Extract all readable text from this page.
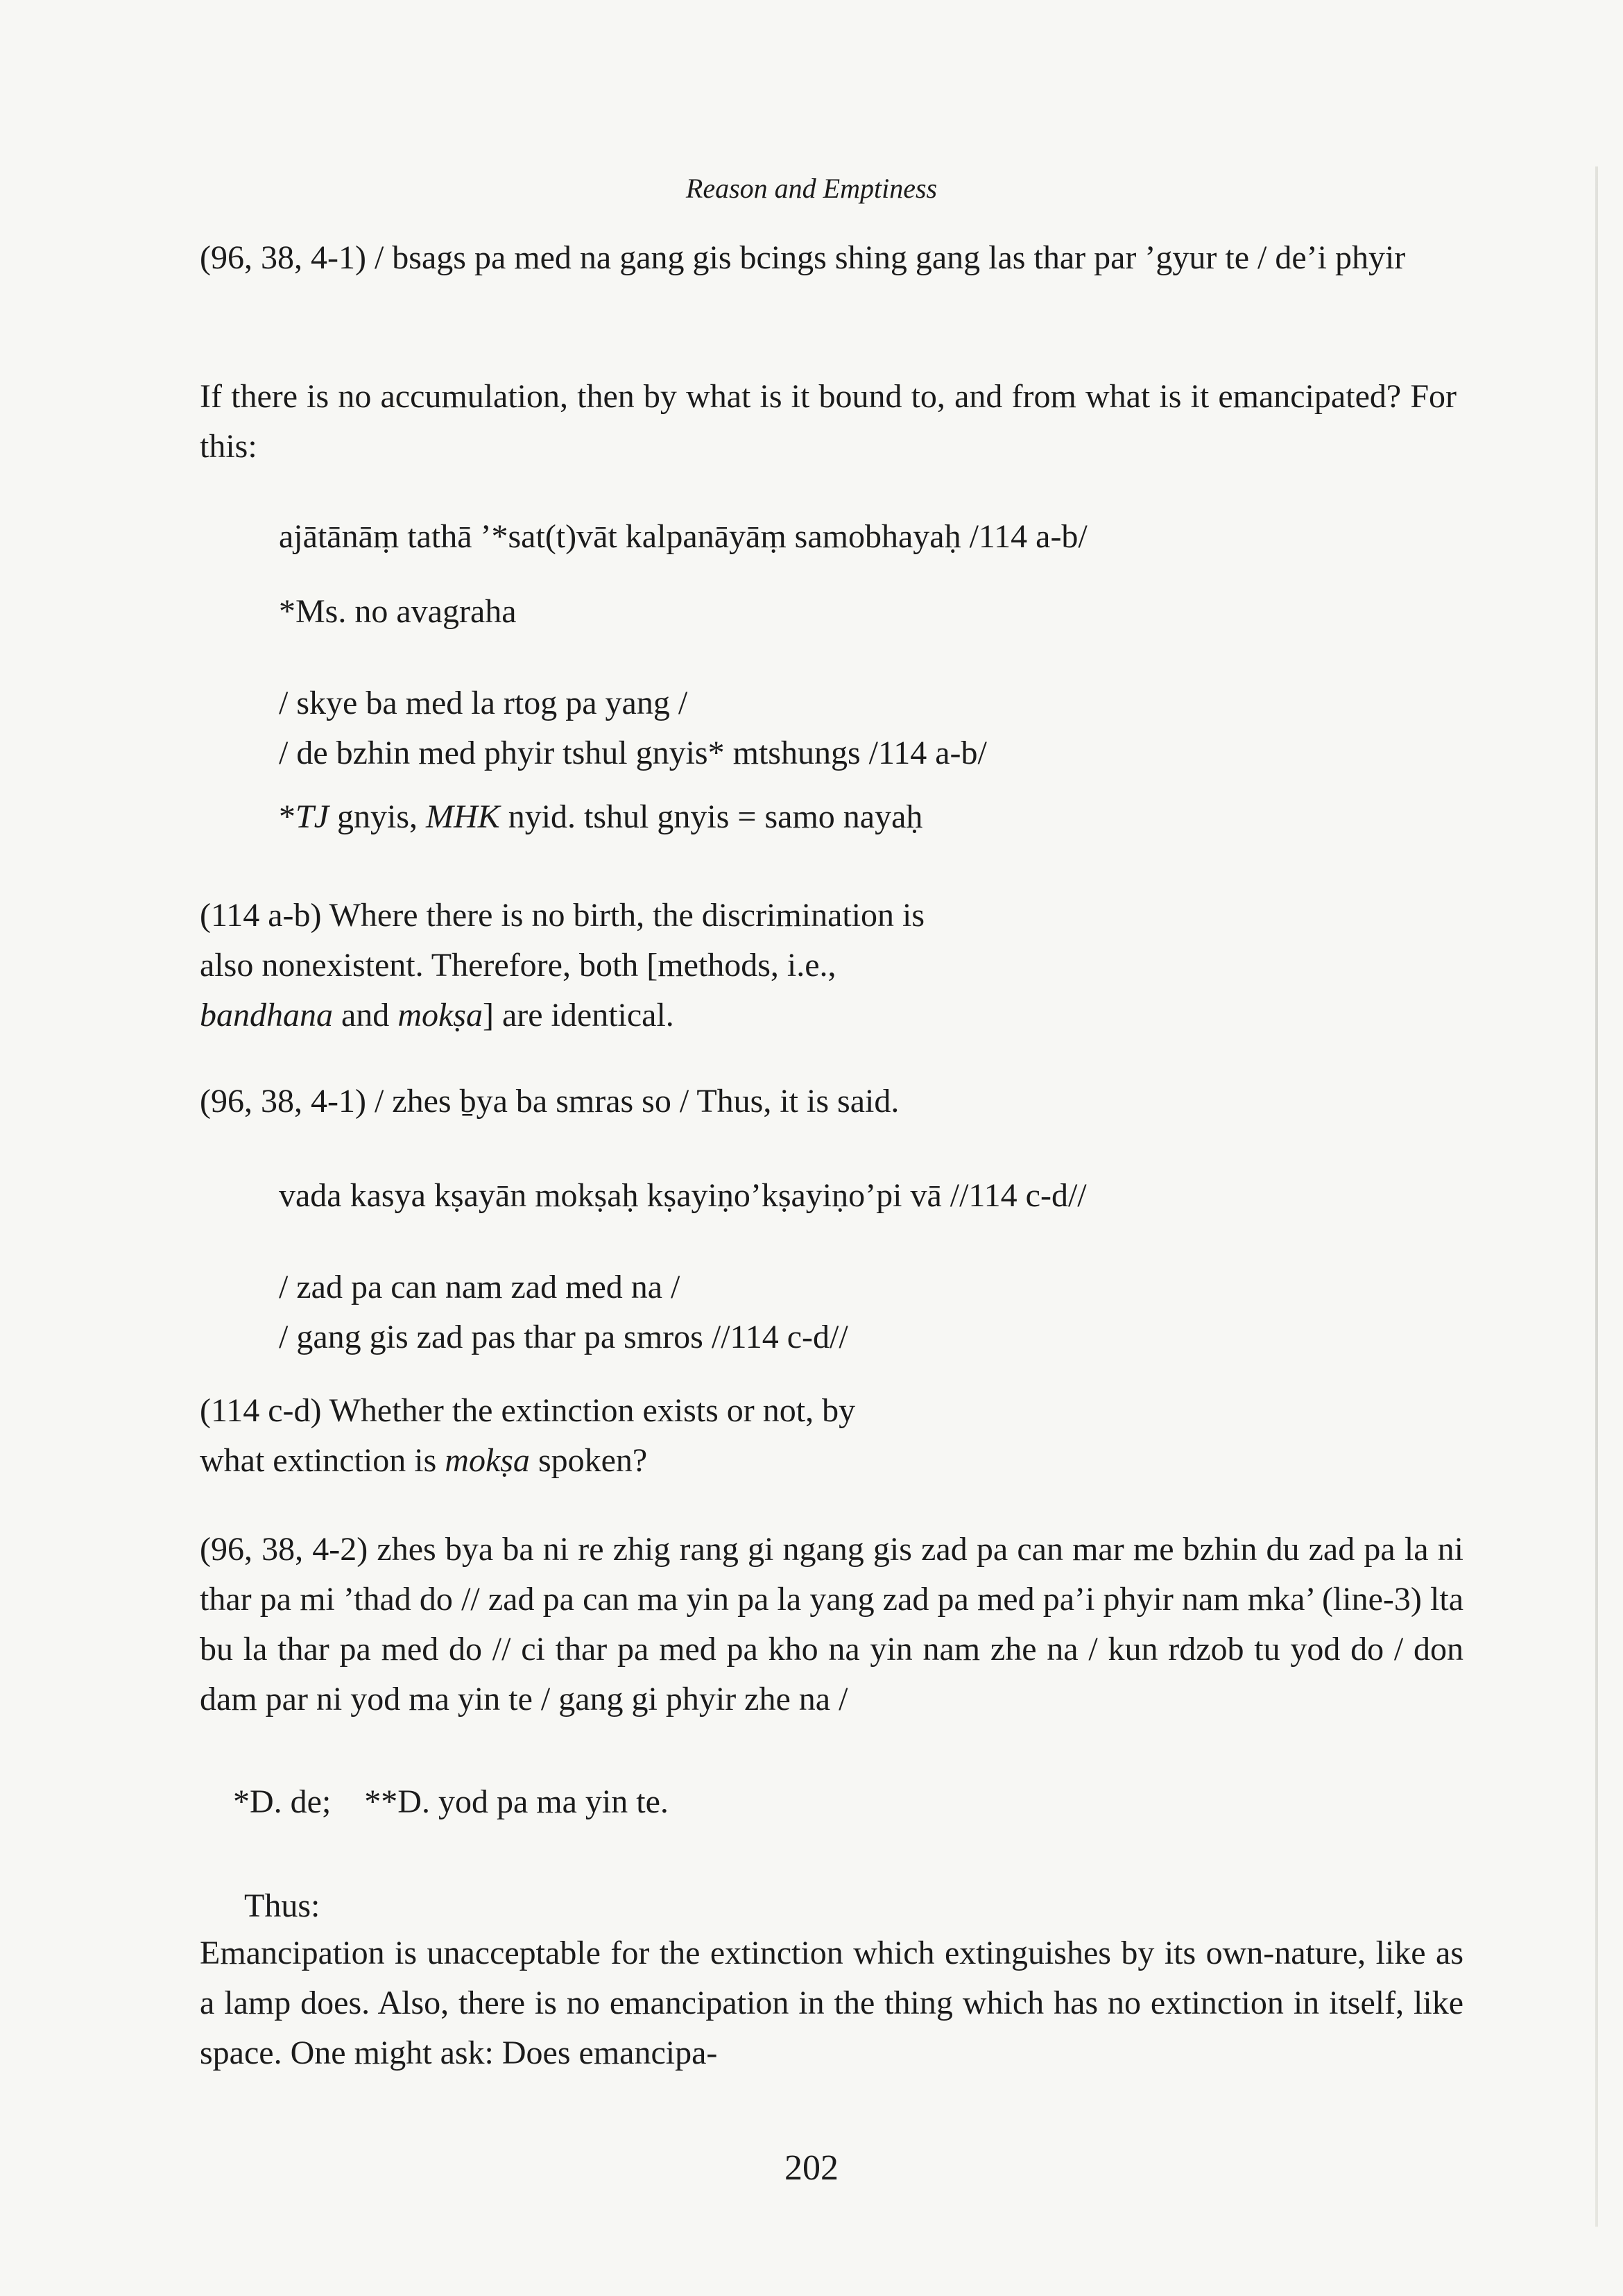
Reason and Emptiness

(96, 38, 4-1) / bsags pa med na gang gis bcings shing gang las thar par ’gyur te / de’i phyir

If there is no accumulation, then by what is it bound to, and from what is it emancipated? For this:

ajātānāṃ tathā ’*sat(t)vāt kalpanāyāṃ samobhayaḥ /114 a-b/

*Ms. no avagraha

/ skye ba med la rtog pa yang /
/ de bzhin med phyir tshul gnyis* mtshungs /114 a-b/

*TJ gnyis, MHK nyid. tshul gnyis = samo nayaḥ

(114 a-b) Where there is no birth, the discrimination is
also nonexistent. Therefore, both [methods, i.e.,
bandhana and mokṣa] are identical.

(96, 38, 4-1) / zhes ḇya ba smras so / Thus, it is said.

vada kasya kṣayān mokṣaḥ kṣayiṇo’kṣayiṇo’pi vā //114 c-d//

/ zad pa can nam zad med na /
/ gang gis zad pas thar pa smros //114 c-d//
(114 c-d) Whether the extinction exists or not, by
what extinction is mokṣa spoken?

(96, 38, 4-2) zhes bya ba ni re zhig rang gi ngang gis zad pa can mar me bzhin du zad pa la ni thar pa mi ’thad do // zad pa can ma yin pa la yang zad pa med pa’i phyir nam mka’ (line-3) lta bu la thar pa med do // ci thar pa med pa kho na yin nam zhe na / kun rdzob tu yod do / don dam par ni yod ma yin te / gang gi phyir zhe na /

*D. de;    **D. yod pa ma yin te.

Thus:

Emancipation is unacceptable for the extinction which extinguishes by its own-nature, like as a lamp does. Also, there is no emancipation in the thing which has no extinction in itself, like space. One might ask: Does emancipa-

202
